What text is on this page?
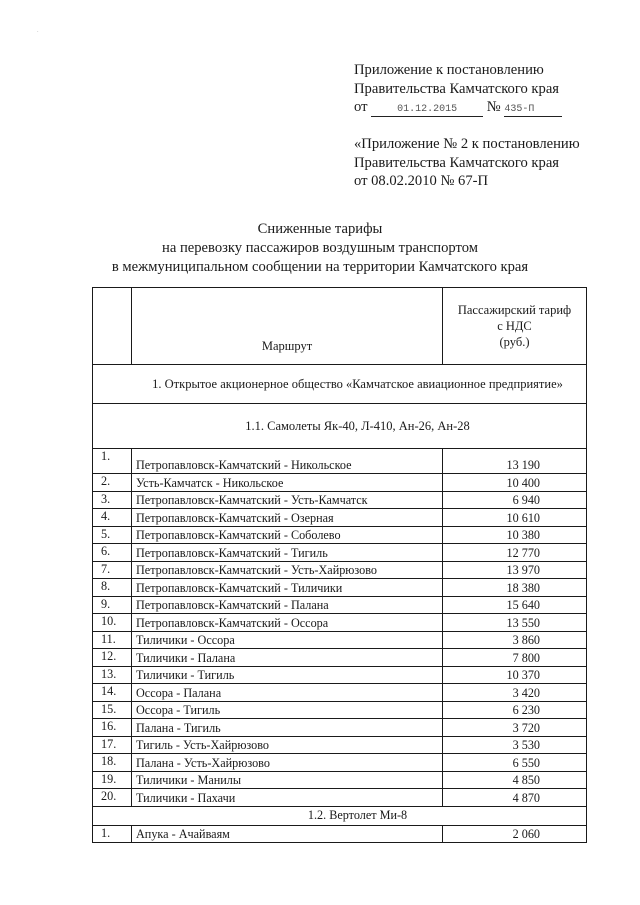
·
Приложение к постановлению
Правительства Камчатского края
от	01.12.2015 № 435-П
«Приложение № 2 к постановлению
Правительства Камчатского края
от 08.02.2010 № 67-П
Сниженные тарифы
на перевозку пассажиров воздушным транспортом
в межмуниципальном сообщении на территории Камчатского края
	Маршрут	Пассажирский тариф
с НДС
(руб.)

1. Открытое акционерное общество «Камчатское авиационное предприятие»		
1.1. Самолеты Як-40, Л-410, Ан-26, Ан-28		
1.	Петропавловск-Камчатский - Никольское	13 190
2.	Усть-Камчатск - Никольское	10 400
3.	Петропавловск-Камчатский - Усть-Камчатск	6 940
4.	Петропавловск-Камчатский - Озерная	10 610
5.	Петропавловск-Камчатский - Соболево	10 380
6.	Петропавловск-Камчатский - Тигиль	12 770
7.	Петропавловск-Камчатский - Усть-Хайрюзово	13 970
8.	Петропавловск-Камчатский - Тиличики	18 380
9.	Петропавловск-Камчатский - Палана	15 640
10.	Петропавловск-Камчатский - Оссора	13 550
11.	Тиличики - Оссора	3 860
12.	Тиличики - Палана	7 800
13.	Тиличики - Тигиль	10 370
14.	Оссора - Палана	3 420
15.	Оссора - Тигиль	6 230
16.	Палана - Тигиль	3 720
17.	Тигиль - Усть-Хайрюзово	3 530
18.	Палана - Усть-Хайрюзово	6 550
19.	Тиличики - Манилы	4 850
20.	Тиличики - Пахачи	4 870
1.2. Вертолет Ми-8		
1.	Апука - Ачайваям	2 060
